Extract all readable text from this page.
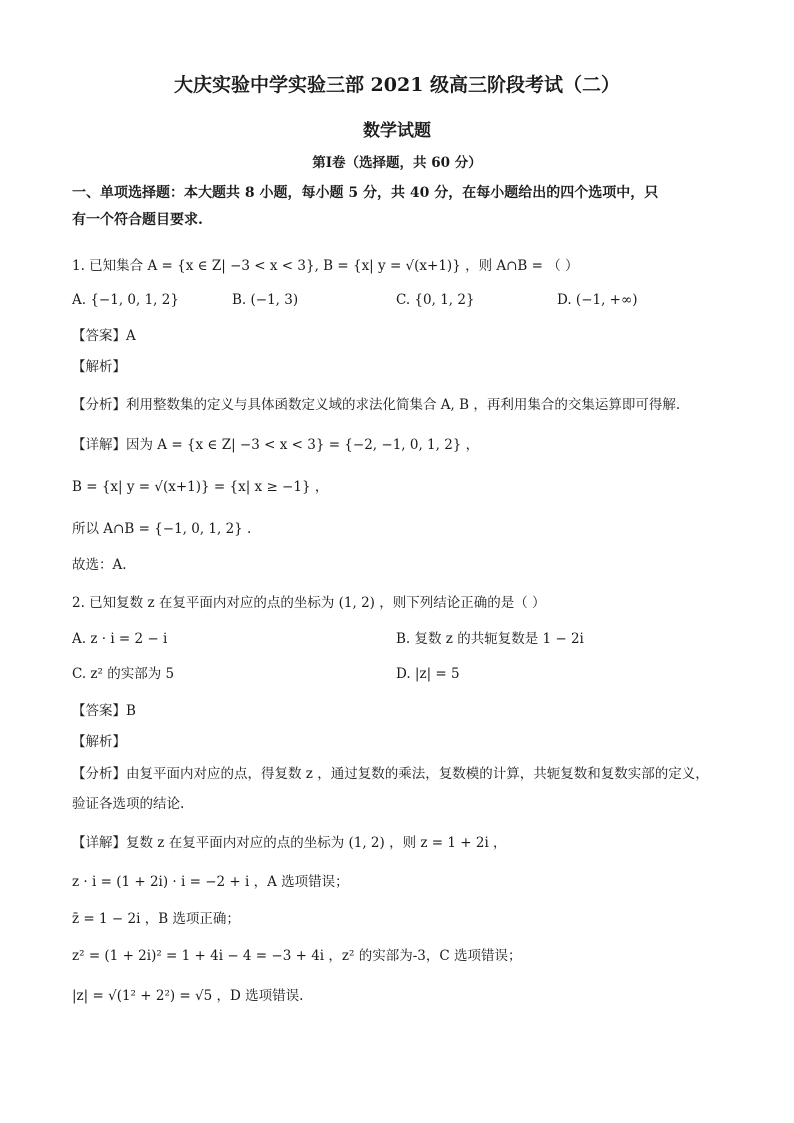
大庆实验中学实验三部 2021 级高三阶段考试（二）
数学试题
第Ⅰ卷（选择题，共 60 分）
一、单项选择题：本大题共 8 小题，每小题 5 分，共 40 分，在每小题给出的四个选项中，只
有一个符合题目要求.
1. 已知集合 A = {x ∈ Z| −3 < x < 3}, B = {x| y = √(x+1)} ，则 A∩B = （ ）
A. {−1, 0, 1, 2}	B. (−1, 3)	C. {0, 1, 2}	D. (−1, +∞)
【答案】A
【解析】
【分析】利用整数集的定义与具体函数定义域的求法化简集合 A, B ，再利用集合的交集运算即可得解.
【详解】因为 A = {x ∈ Z| −3 < x < 3} = {−2, −1, 0, 1, 2} ，
B = {x| y = √(x+1)} = {x| x ≥ −1} ，
所以 A∩B = {−1, 0, 1, 2} .
故选：A.
2. 已知复数 z 在复平面内对应的点的坐标为 (1, 2) ，则下列结论正确的是（ ）
A. z · i = 2 − i	B. 复数 z 的共轭复数是 1 − 2i
C. z² 的实部为 5	D. |z| = 5
【答案】B
【解析】
【分析】由复平面内对应的点，得复数 z ，通过复数的乘法，复数模的计算，共轭复数和复数实部的定义，
验证各选项的结论.
【详解】复数 z 在复平面内对应的点的坐标为 (1, 2) ，则 z = 1 + 2i ，
z · i = (1 + 2i) · i = −2 + i ，A 选项错误；
z̄ = 1 − 2i ，B 选项正确；
z² = (1 + 2i)² = 1 + 4i − 4 = −3 + 4i ，z² 的实部为-3，C 选项错误；
|z| = √(1² + 2²) = √5 ，D 选项错误.
